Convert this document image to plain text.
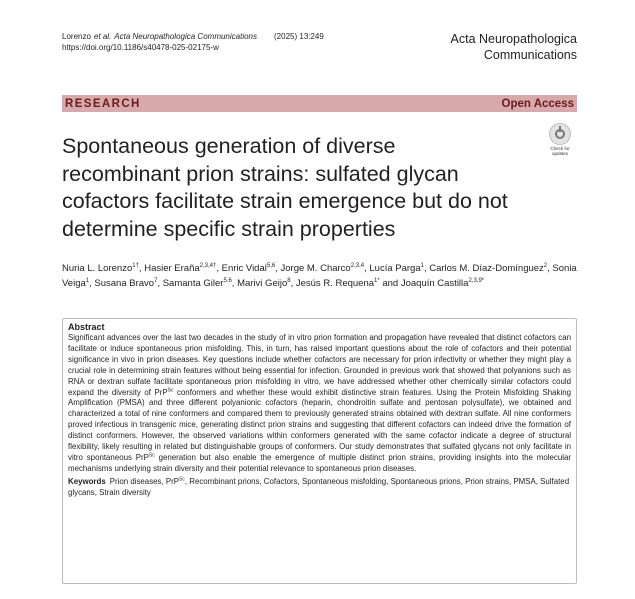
Lorenzo et al. Acta Neuropathologica Communications (2025) 13:249
https://doi.org/10.1186/s40478-025-02175-w
Acta Neuropathologica
Communications
RESEARCH	Open Access
Spontaneous generation of diverse recombinant prion strains: sulfated glycan cofactors facilitate strain emergence but do not determine specific strain properties
Check for updates
Nuria L. Lorenzo$^{1\dagger}$, Hasier Eraña$^{2,3,4\dagger}$, Enric Vidal$^{5,6}$, Jorge M. Charco$^{2,3,4}$, Lucía Parga$^1$, Carlos M. Díaz-Domínguez$^2$, Sonia Veiga$^1$, Susana Bravo$^7$, Samanta Giler$^{5,6}$, Marivi Geijo$^8$, Jesús R. Requena$^{1*}$ and Joaquín Castilla$^{2,3,9*}$
Abstract

Significant advances over the last two decades in the study of in vitro prion formation and propagation have revealed that distinct cofactors can facilitate or induce spontaneous prion misfolding. This, in turn, has raised important questions about the role of cofactors and their potential significance in vivo in prion diseases. Key questions include whether cofactors are necessary for prion infectivity or whether they might play a crucial role in determining strain features without being essential for infection. Grounded in previous work that showed that polyanions such as RNA or dextran sulfate facilitate spontaneous prion misfolding in vitro, we have addressed whether other chemically similar cofactors could expand the diversity of PrP$^{Sc}$ conformers and whether these would exhibit distinctive strain features. Using the Protein Misfolding Shaking Amplification (PMSA) and three different polyanionic cofactors (heparin, chondroitin sulfate and pentosan polysulfate), we obtained and characterized a total of nine conformers and compared them to previously generated strains obtained with dextran sulfate. All nine conformers proved infectious in transgenic mice, generating distinct prion strains and suggesting that different cofactors can indeed drive the formation of distinct conformers. However, the observed variations within conformers generated with the same cofactor indicate a degree of structural flexibility, likely resulting in related but distinguishable groups of conformers. Our study demonstrates that sulfated glycans not only facilitate in vitro spontaneous PrP$^{Sc}$ generation but also enable the emergence of multiple distinct prion strains, providing insights into the molecular mechanisms underlying strain diversity and their potential relevance to spontaneous prion diseases.

Keywords Prion diseases, PrP$^{Sc}$, Recombinant prions, Cofactors, Spontaneous misfolding, Spontaneous prions, Prion strains, PMSA, Sulfated glycans, Strain diversity
